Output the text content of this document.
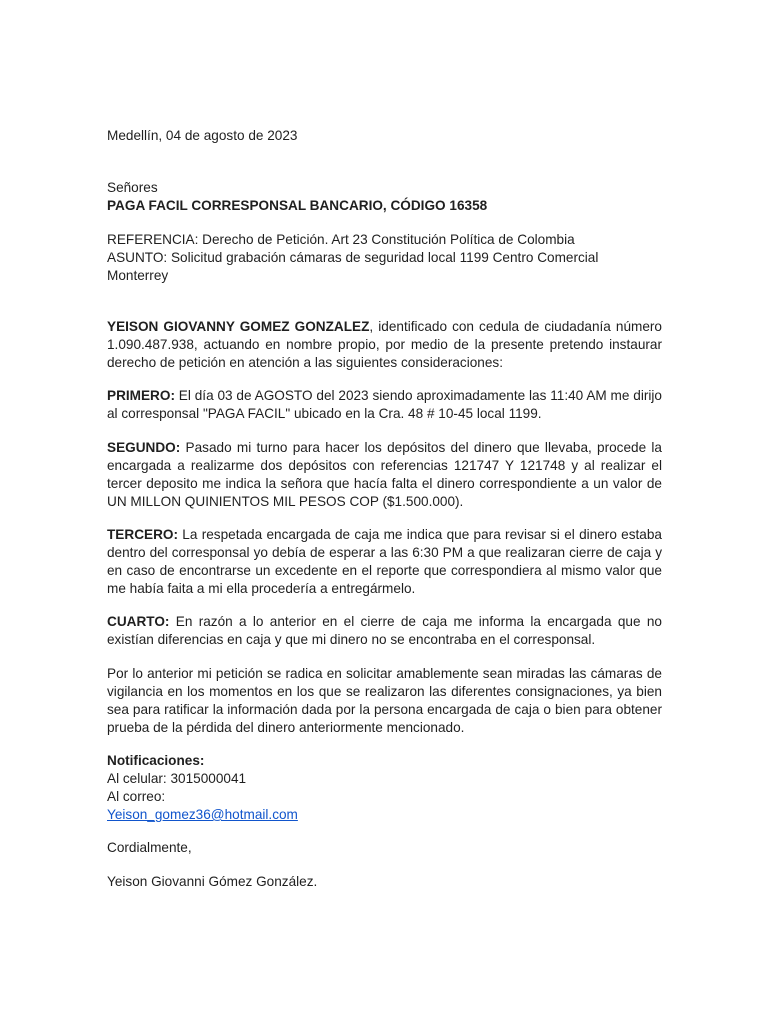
Medellín, 04 de agosto de 2023
Señores
PAGA FACIL CORRESPONSAL BANCARIO, CÓDIGO 16358
REFERENCIA: Derecho de Petición. Art 23 Constitución Política de Colombia
ASUNTO: Solicitud grabación cámaras de seguridad local 1199 Centro Comercial
Monterrey
YEISON GIOVANNY GOMEZ GONZALEZ, identificado con cedula de ciudadanía número 1.090.487.938, actuando en nombre propio, por medio de la presente pretendo instaurar derecho de petición en atención a las siguientes consideraciones:
PRIMERO: El día 03 de AGOSTO del 2023 siendo aproximadamente las 11:40 AM me dirijo al corresponsal "PAGA FACIL" ubicado en la Cra. 48 # 10-45 local 1199.
SEGUNDO: Pasado mi turno para hacer los depósitos del dinero que llevaba, procede la encargada a realizarme dos depósitos con referencias 121747 Y 121748 y al realizar el tercer deposito me indica la señora que hacía falta el dinero correspondiente a un valor de UN MILLON QUINIENTOS MIL PESOS COP ($1.500.000).
TERCERO: La respetada encargada de caja me indica que para revisar si el dinero estaba dentro del corresponsal yo debía de esperar a las 6:30 PM a que realizaran cierre de caja y en caso de encontrarse un excedente en el reporte que correspondiera al mismo valor que me había faita a mi ella procedería a entregármelo.
CUARTO: En razón a lo anterior en el cierre de caja me informa la encargada que no existían diferencias en caja y que mi dinero no se encontraba en el corresponsal.
Por lo anterior mi petición se radica en solicitar amablemente sean miradas las cámaras de vigilancia en los momentos en los que se realizaron las diferentes consignaciones, ya bien sea para ratificar la información dada por la persona encargada de caja o bien para obtener prueba de la pérdida del dinero anteriormente mencionado.
Notificaciones:
Al celular: 3015000041
Al correo:
Yeison_gomez36@hotmail.com
Cordialmente,
Yeison Giovanni Gómez González.
